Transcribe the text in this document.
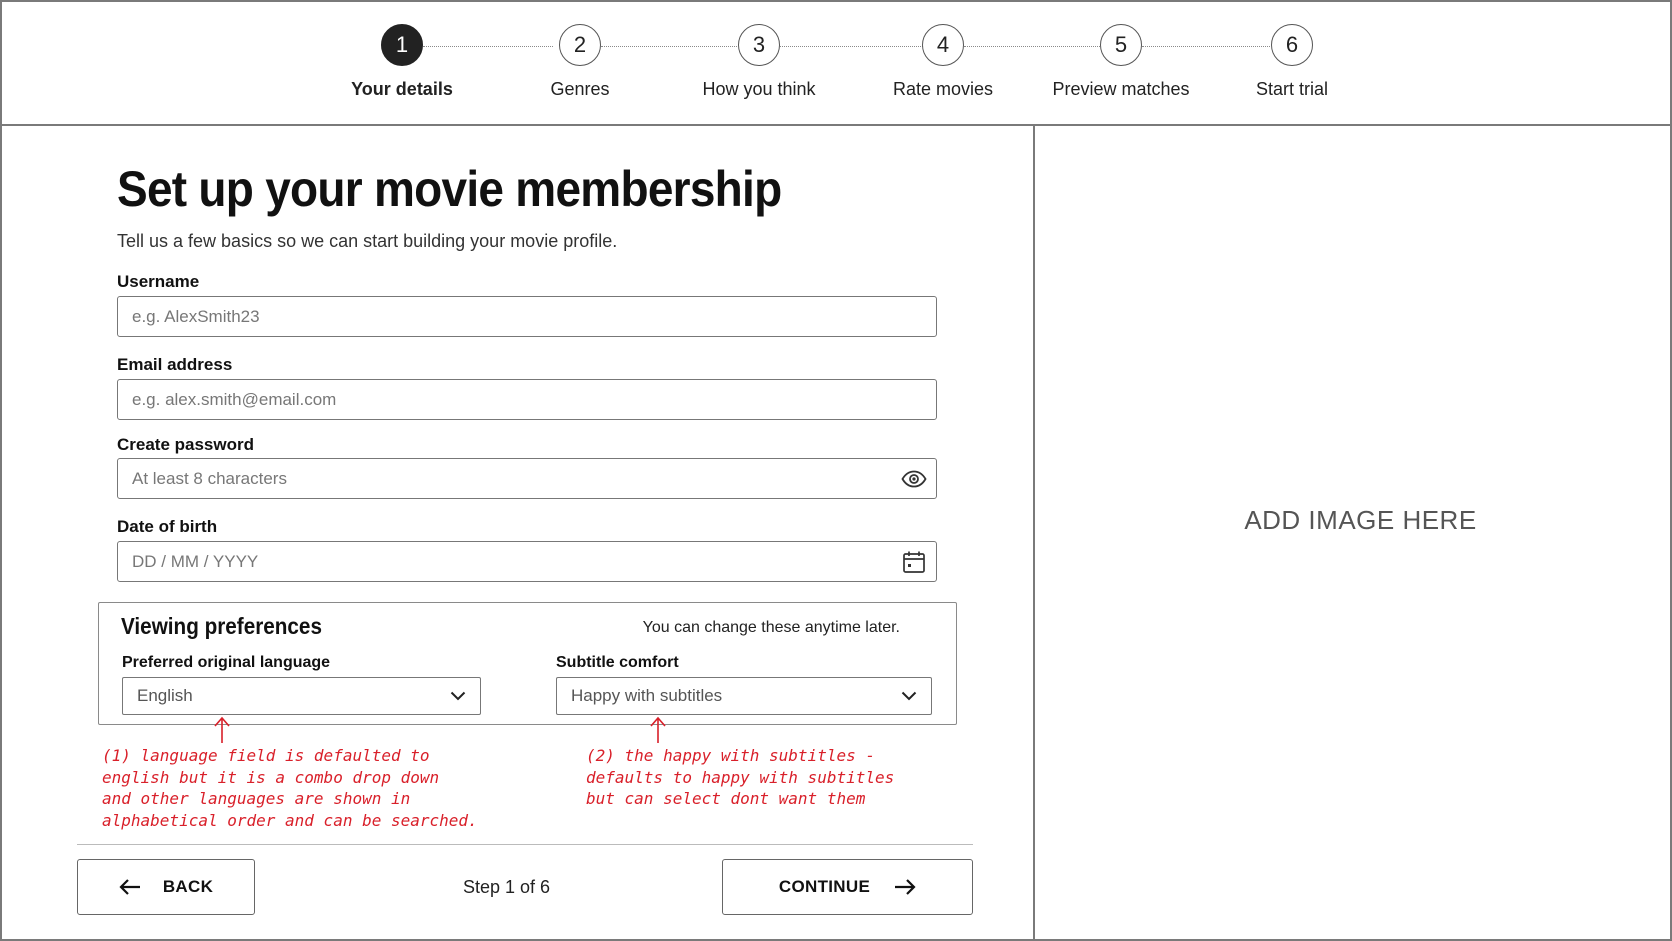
1
Your details
2
Genres
3
How you think
4
Rate movies
5
Preview matches
6
Start trial
ADD IMAGE HERE
Set up your movie membership

Tell us a few basics so we can start building your movie profile.

Username
e.g. AlexSmith23
Email address
e.g. alex.smith@email.com
Create password
At least 8 characters
Date of birth
DD / MM / YYYY
Viewing preferences	You can change these anytime later.
Preferred original language
English
Subtitle comfort
Happy with subtitles
(1) language field is defaulted to
english but it is a combo drop down
and other languages are shown in
alphabetical order and can be searched.
(2) the happy with subtitles -
defaults to happy with subtitles
but can select dont want them
BACK	Step 1 of 6	CONTINUE
